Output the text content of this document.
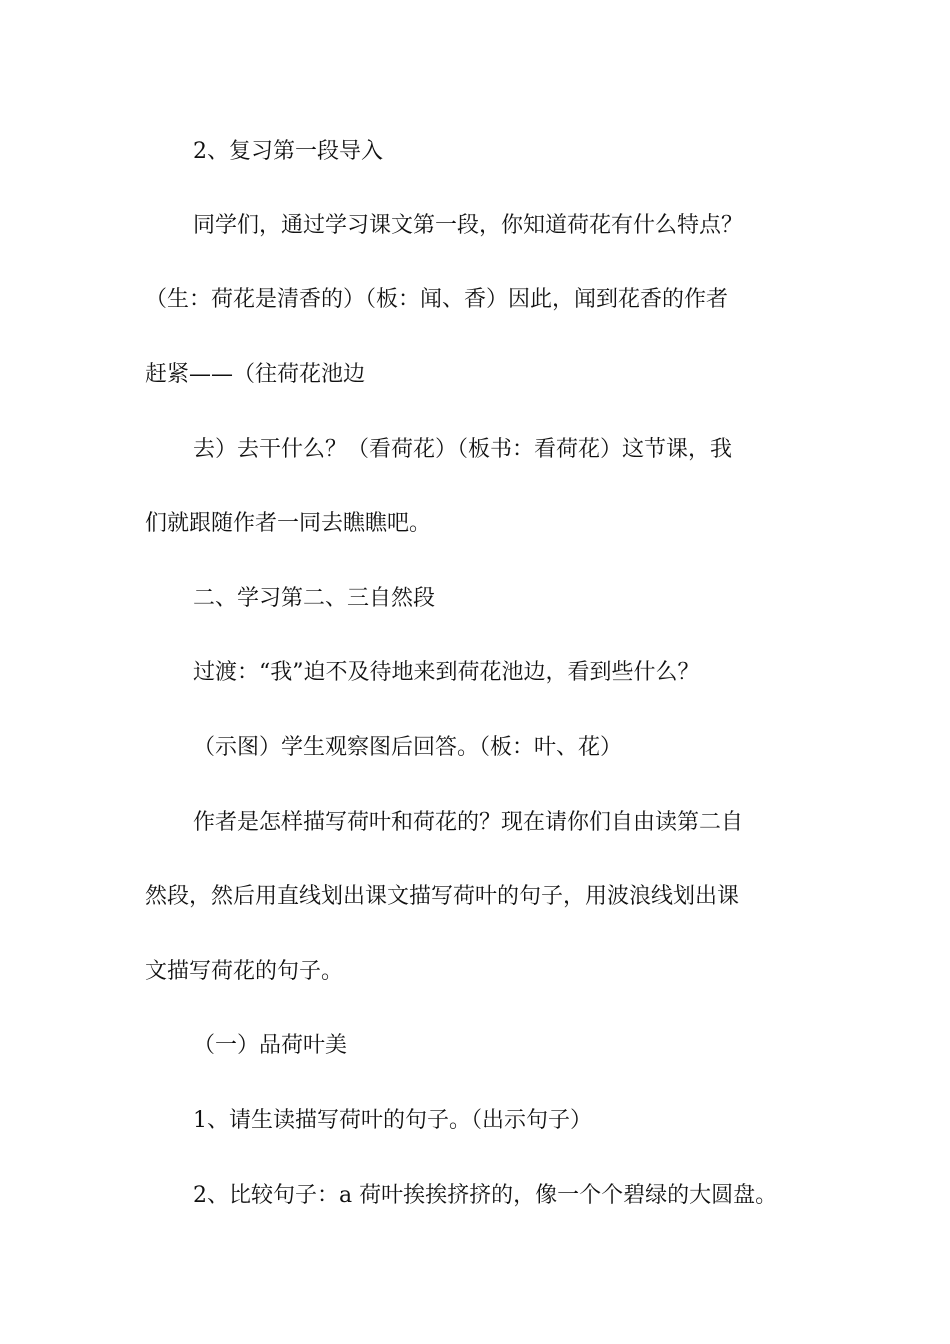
2、复习第一段导入
同学们，通过学习课文第一段，你知道荷花有什么特点？
（生：荷花是清香的）（板：闻、香）因此，闻到花香的作者
赶紧——（往荷花池边
去）去干什么？（看荷花）（板书：看荷花）这节课，我
们就跟随作者一同去瞧瞧吧。
二、学习第二、三自然段
过渡：“我”迫不及待地来到荷花池边，看到些什么？
（示图）学生观察图后回答。（板：叶、花）
作者是怎样描写荷叶和荷花的？现在请你们自由读第二自
然段，然后用直线划出课文描写荷叶的句子，用波浪线划出课
文描写荷花的句子。
（一）品荷叶美
1、请生读描写荷叶的句子。（出示句子）
2、比较句子：a 荷叶挨挨挤挤的，像一个个碧绿的大圆盘。
